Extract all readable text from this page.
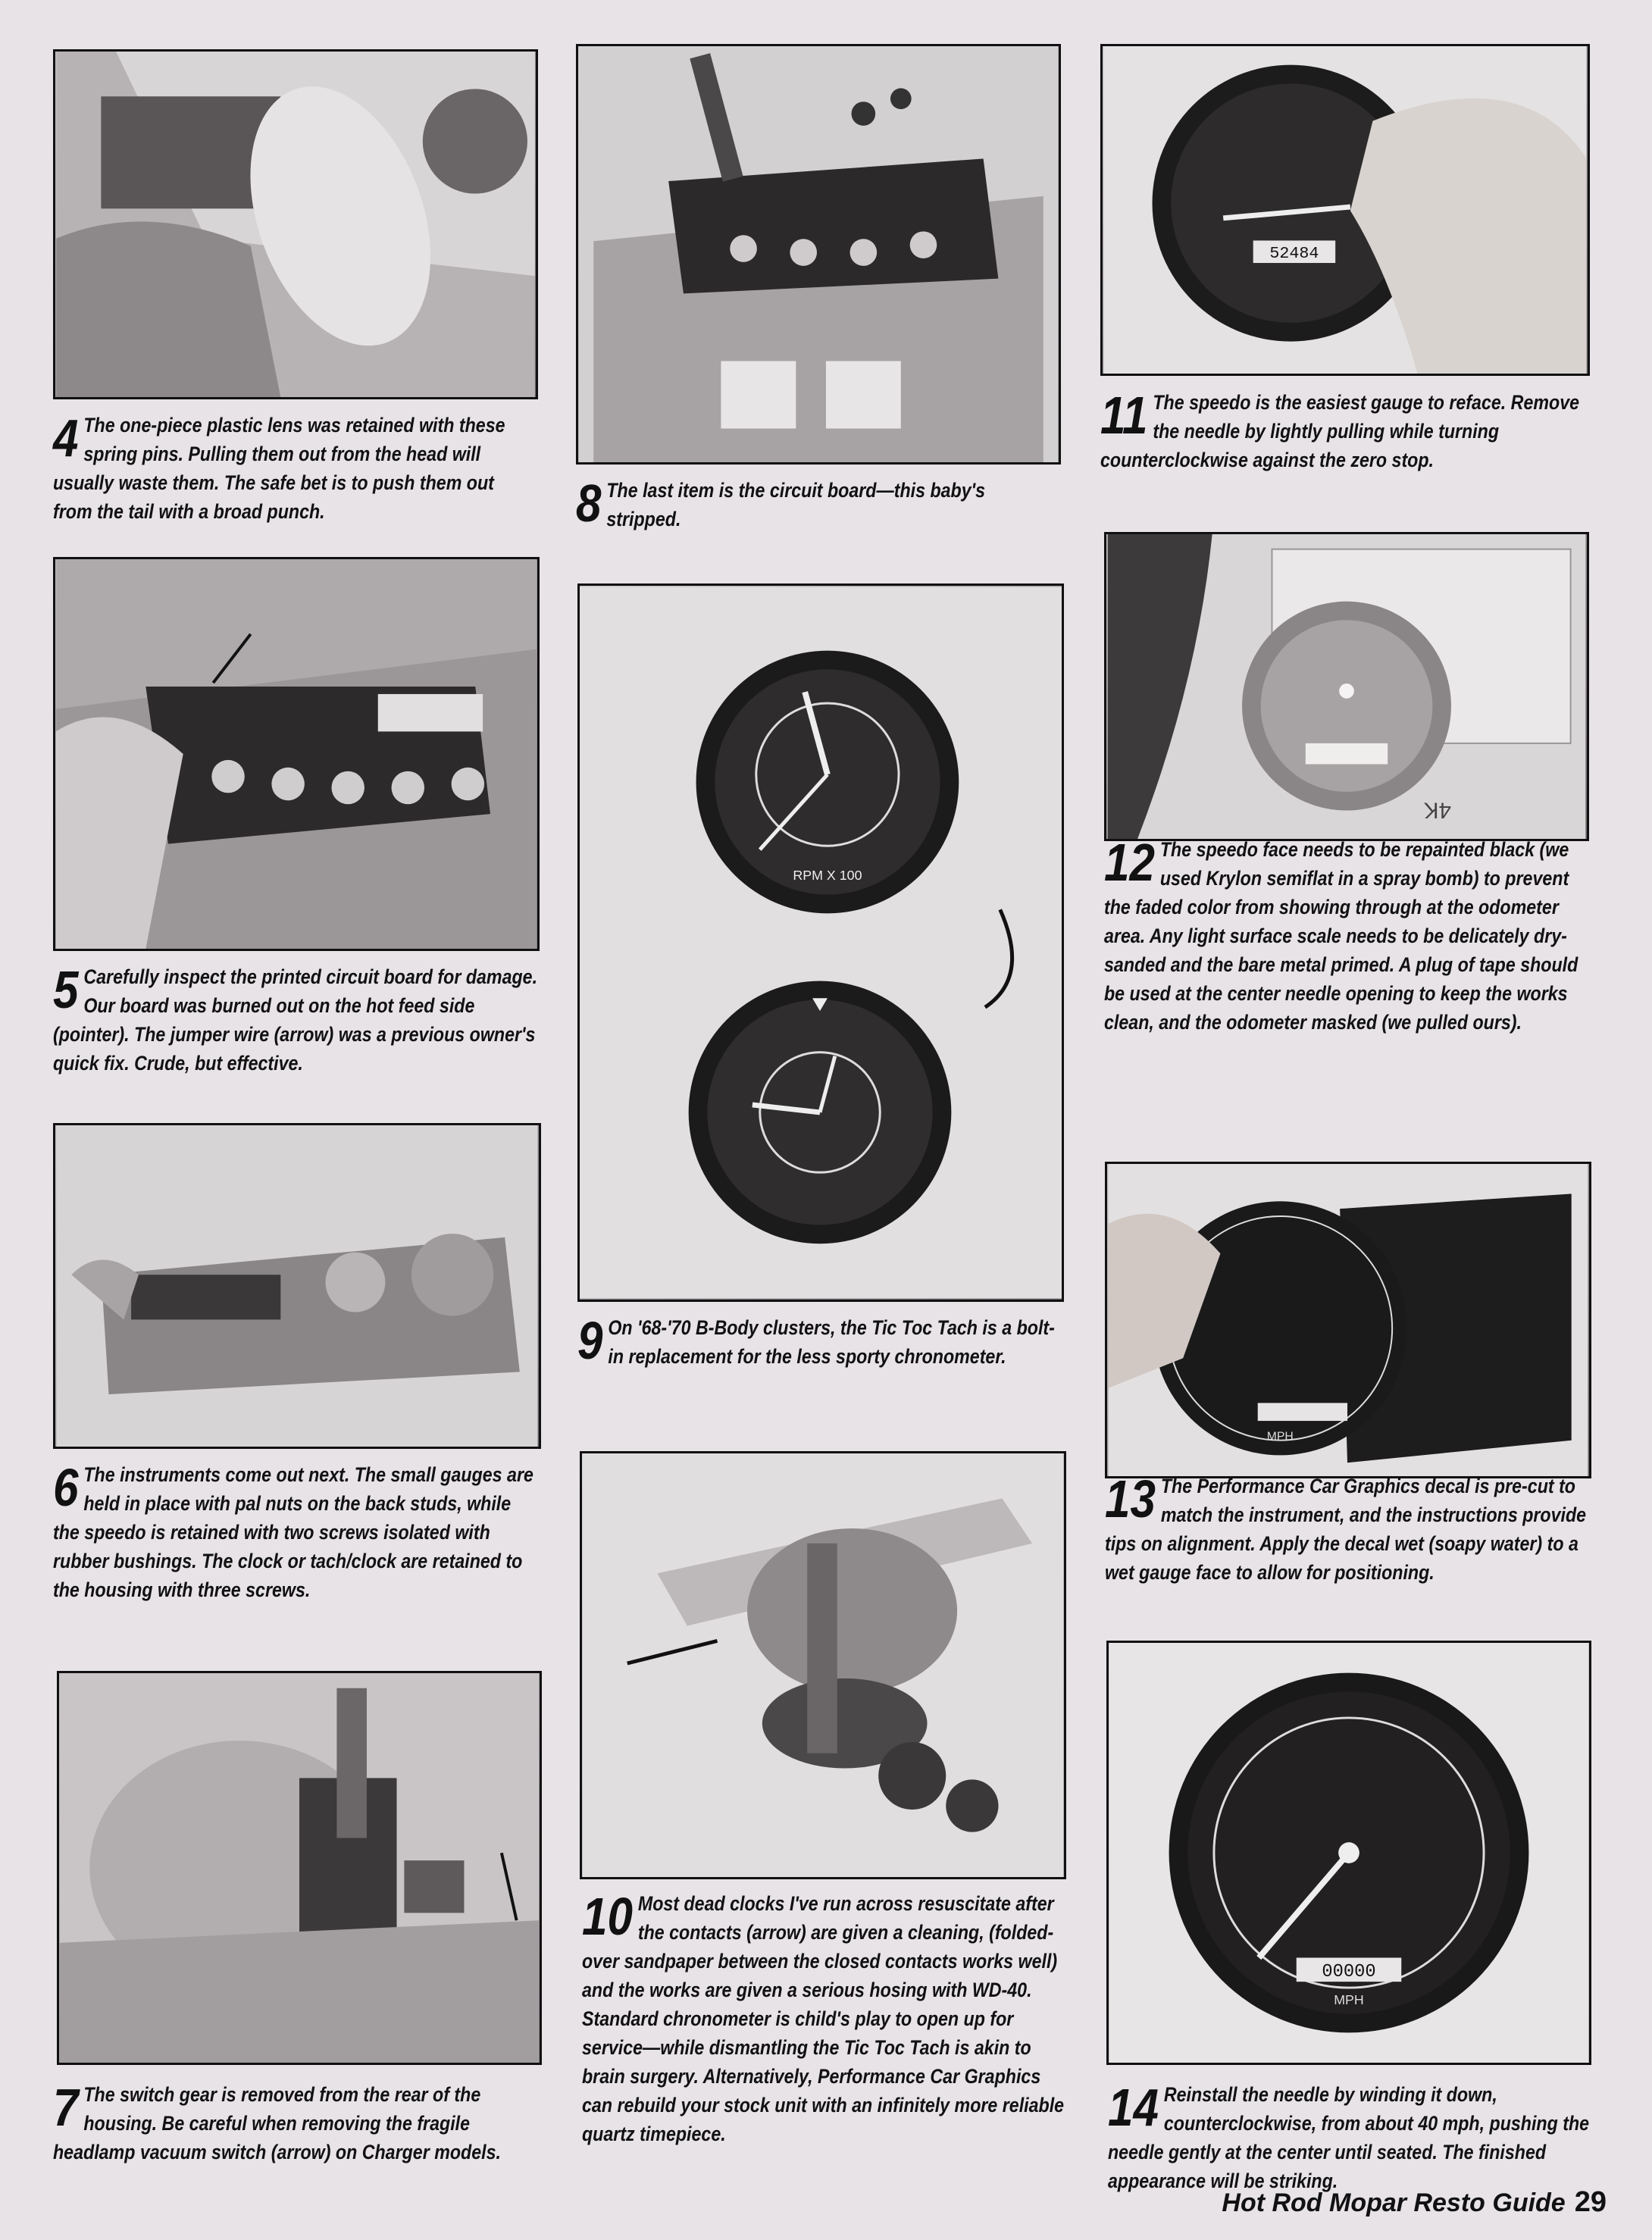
4 The one-piece plastic lens was retained with these spring pins. Pulling them out from the head will usually waste them. The safe bet is to push them out from the tail with a broad punch.
5 Carefully inspect the printed circuit board for damage. Our board was burned out on the hot feed side (pointer). The jumper wire (arrow) was a previous owner's quick fix. Crude, but effective.
6 The instruments come out next. The small gauges are held in place with pal nuts on the back studs, while the speedo is retained with two screws isolated with rubber bushings. The clock or tach/clock are retained to the housing with three screws.
7 The switch gear is removed from the rear of the housing. Be careful when removing the fragile headlamp vacuum switch (arrow) on Charger models.
8 The last item is the circuit board—this baby's stripped.
RPM X 100
9 On '68-'70 B-Body clusters, the Tic Toc Tach is a bolt-in replacement for the less sporty chronometer.
10 Most dead clocks I've run across resuscitate after the contacts (arrow) are given a cleaning, (folded-over sandpaper between the closed contacts works well) and the works are given a serious hosing with WD-40. Standard chronometer is child's play to open up for service—while dismantling the Tic Toc Tach is akin to brain surgery. Alternatively, Performance Car Graphics can rebuild your stock unit with an infinitely more reliable quartz timepiece.
52484
11 The speedo is the easiest gauge to reface. Remove the needle by lightly pulling while turning counterclockwise against the zero stop.
4K
12 The speedo face needs to be repainted black (we used Krylon semiflat in a spray bomb) to prevent the faded color from showing through at the odometer area. Any light surface scale needs to be delicately dry-sanded and the bare metal primed. A plug of tape should be used at the center needle opening to keep the works clean, and the odometer masked (we pulled ours).
MPH
13 The Performance Car Graphics decal is pre-cut to match the instrument, and the instructions provide tips on alignment. Apply the decal wet (soapy water) to a wet gauge face to allow for positioning.
00000
MPH
14 Reinstall the needle by winding it down, counterclockwise, from about 40 mph, pushing the needle gently at the center until seated. The finished appearance will be striking.
Hot Rod Mopar Resto Guide 29
